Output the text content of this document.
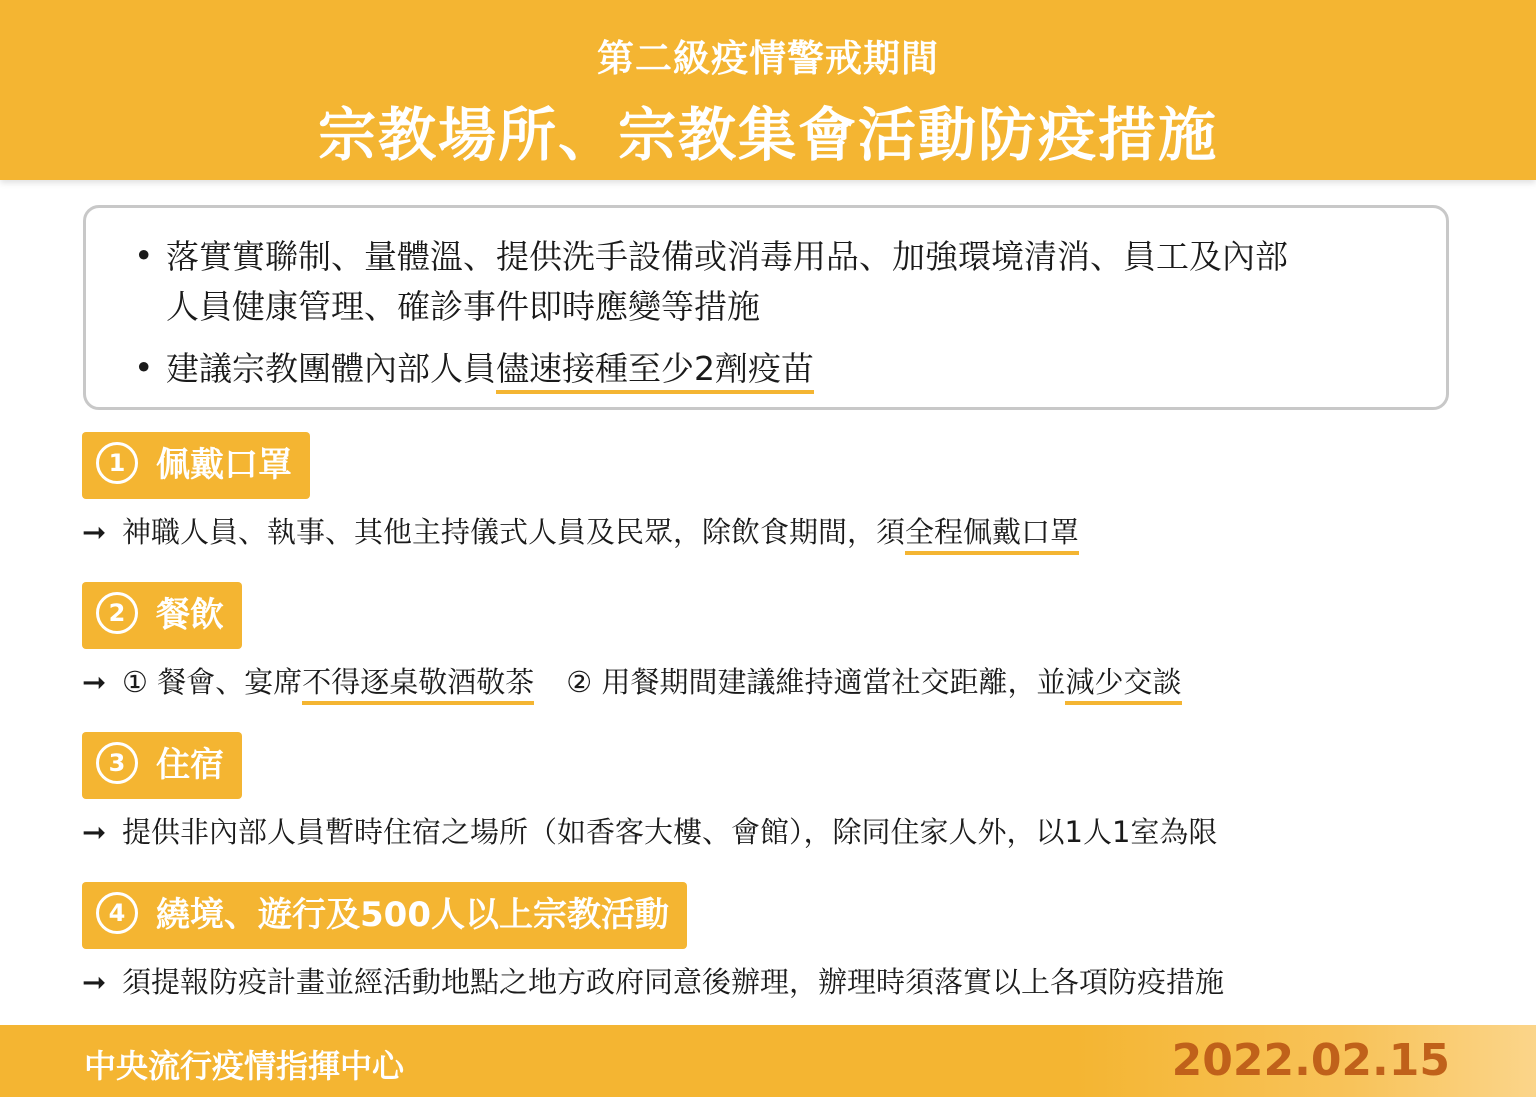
第二級疫情警戒期間
宗教場所、宗教集會活動防疫措施
• 落實實聯制、量體溫、提供洗手設備或消毒用品、加強環境清消、員工及內部
人員健康管理、確診事件即時應變等措施
• 建議宗教團體內部人員儘速接種至少2劑疫苗
1 佩戴口罩
➞ 神職人員、執事、其他主持儀式人員及民眾，除飲食期間，須全程佩戴口罩
2 餐飲
➞ ① 餐會、宴席不得逐桌敬酒敬茶 ② 用餐期間建議維持適當社交距離，並減少交談
3 住宿
➞ 提供非內部人員暫時住宿之場所（如香客大樓、會館），除同住家人外，以1人1室為限
4 繞境、遊行及500人以上宗教活動
➞ 須提報防疫計畫並經活動地點之地方政府同意後辦理，辦理時須落實以上各項防疫措施
中央流行疫情指揮中心	2022.02.15
